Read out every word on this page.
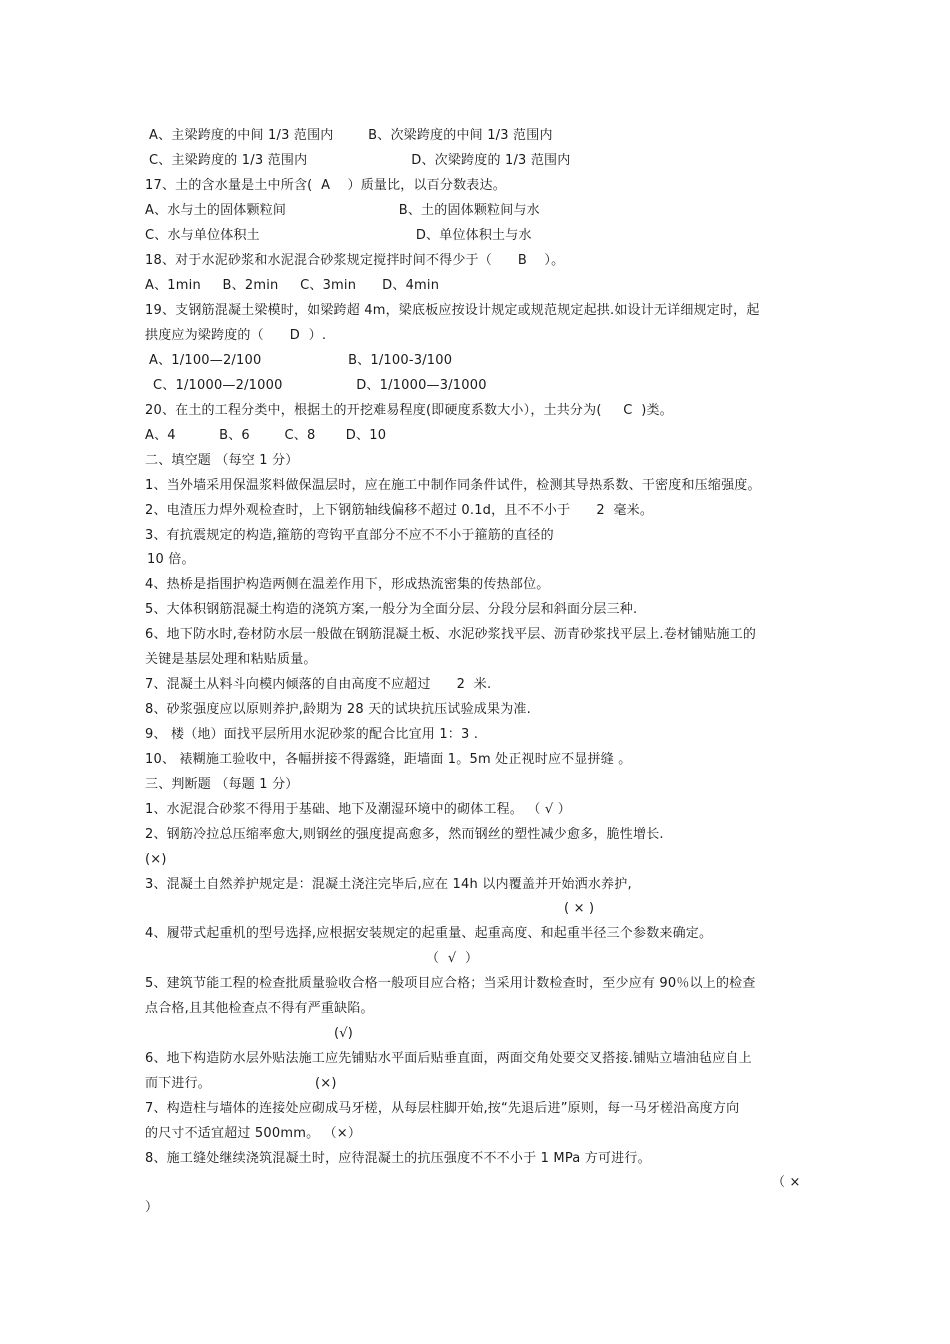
A、主梁跨度的中间 1/3 范围内        B、次梁跨度的中间 1/3 范围内
C、主梁跨度的 1/3 范围内                        D、次梁跨度的 1/3 范围内
17、土的含水量是土中所含(  A    ）质量比，以百分数表达。
A、水与土的固体颗粒间                          B、土的固体颗粒间与水
C、水与单位体积土                                    D、单位体积土与水
18、对于水泥砂浆和水泥混合砂浆规定搅拌时间不得少于（      B    ）。
A、1min     B、2min     C、3min      D、4min
19、支钢筋混凝土梁模时，如梁跨超 4m，梁底板应按设计规定或规范规定起拱.如设计无详细规定时，起
拱度应为梁跨度的（      D  ）.
A、1/100—2/100                    B、1/100-3/100
C、1/1000—2/1000                 D、1/1000—3/1000
20、在土的工程分类中，根据土的开挖难易程度(即硬度系数大小），土共分为(     C  )类。
A、4          B、6        C、8       D、10
二、填空题 （每空 1 分）
1、当外墙采用保温浆料做保温层时，应在施工中制作同条件试件，检测其导热系数、干密度和压缩强度。
2、电渣压力焊外观检查时，上下钢筋轴线偏移不超过 0.1d，且不不小于      2  毫米。
3、有抗震规定的构造,箍筋的弯钩平直部分不应不不小于箍筋的直径的
10 倍。
4、热桥是指围护构造两侧在温差作用下，形成热流密集的传热部位。
5、大体积钢筋混凝土构造的浇筑方案,一般分为全面分层、分段分层和斜面分层三种.
6、地下防水时,卷材防水层一般做在钢筋混凝土板、水泥砂浆找平层、沥青砂浆找平层上.卷材铺贴施工的
关键是基层处理和粘贴质量。
7、混凝土从料斗向模内倾落的自由高度不应超过      2  米.
8、砂浆强度应以原则养护,龄期为 28 天的试块抗压试验成果为准.
9、 楼（地）面找平层所用水泥砂浆的配合比宜用 1：3 .
10、 裱糊施工验收中，各幅拼接不得露缝，距墙面 1。5m 处正视时应不显拼缝 。
三、判断题 （每题 1 分）
1、水泥混合砂浆不得用于基础、地下及潮湿环境中的砌体工程。 （ √ ）
2、钢筋冷拉总压缩率愈大,则钢丝的强度提高愈多，然而钢丝的塑性减少愈多，脆性增长.
(×)
3、混凝土自然养护规定是：混凝土浇注完毕后,应在 14h 以内覆盖并开始洒水养护,
( × )
4、履带式起重机的型号选择,应根据安装规定的起重量、起重高度、和起重半径三个参数来确定。
（  √  ）
5、建筑节能工程的检查批质量验收合格一般项目应合格；当采用计数检查时，至少应有 90％以上的检查
点合格,且其他检查点不得有严重缺陷。
(√)
6、地下构造防水层外贴法施工应先铺贴水平面后贴垂直面，两面交角处要交叉搭接.铺贴立墙油毡应自上
而下进行。                        (×)
7、构造柱与墙体的连接处应砌成马牙槎，从每层柱脚开始,按“先退后进”原则，每一马牙槎沿高度方向
的尺寸不适宜超过 500mm。 （×）
8、施工缝处继续浇筑混凝土时，应待混凝土的抗压强度不不不小于 1 MPa 方可进行。
（ ×
）
